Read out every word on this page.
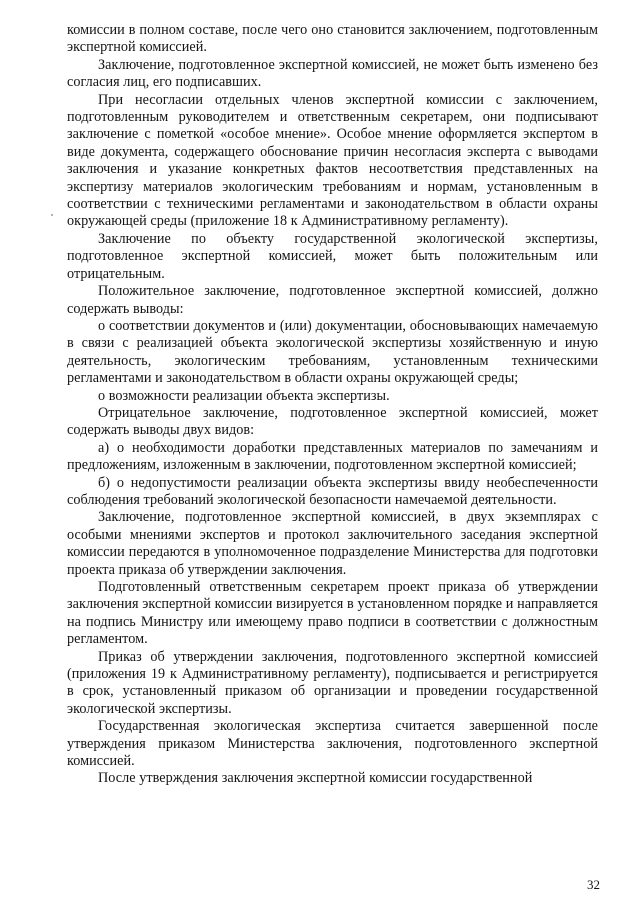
комиссии в полном составе, после чего оно становится заключением, подготовленным экспертной комиссией.

Заключение, подготовленное экспертной комиссией, не может быть изменено без согласия лиц, его подписавших.

При несогласии отдельных членов экспертной комиссии с заключением, подготовленным руководителем и ответственным секретарем, они подписывают заключение с пометкой «особое мнение». Особое мнение оформляется экспертом в виде документа, содержащего обоснование причин несогласия эксперта с выводами заключения и указание конкретных фактов несоответствия представленных на экспертизу материалов экологическим требованиям и нормам, установленным в соответствии с техническими регламентами и законодательством в области охраны окружающей среды (приложение 18 к Административному регламенту).

Заключение по объекту государственной экологической экспертизы, подготовленное экспертной комиссией, может быть положительным или отрицательным.

Положительное заключение, подготовленное экспертной комиссией, должно содержать выводы:

о соответствии документов и (или) документации, обосновывающих намечаемую в связи с реализацией объекта экологической экспертизы хозяйственную и иную деятельность, экологическим требованиям, установленным техническими регламентами и законодательством в области охраны окружающей среды;

о возможности реализации объекта экспертизы.

Отрицательное заключение, подготовленное экспертной комиссией, может содержать выводы двух видов:

а) о необходимости доработки представленных материалов по замечаниям и предложениям, изложенным в заключении, подготовленном экспертной комиссией;

б) о недопустимости реализации объекта экспертизы ввиду необеспеченности соблюдения требований экологической безопасности намечаемой деятельности.

Заключение, подготовленное экспертной комиссией, в двух экземплярах с особыми мнениями экспертов и протокол заключительного заседания экспертной комиссии передаются в уполномоченное подразделение Министерства для подготовки проекта приказа об утверждении заключения.

Подготовленный ответственным секретарем проект приказа об утверждении заключения экспертной комиссии визируется в установленном порядке и направляется на подпись Министру или имеющему право подписи в соответствии с должностным регламентом.

Приказ об утверждении заключения, подготовленного экспертной комиссией (приложения 19 к Административному регламенту), подписывается и регистрируется в срок, установленный приказом об организации и проведении государственной экологической экспертизы.

Государственная экологическая экспертиза считается завершенной после утверждения приказом Министерства заключения, подготовленного экспертной комиссией.

После утверждения заключения экспертной комиссии государственной

32
